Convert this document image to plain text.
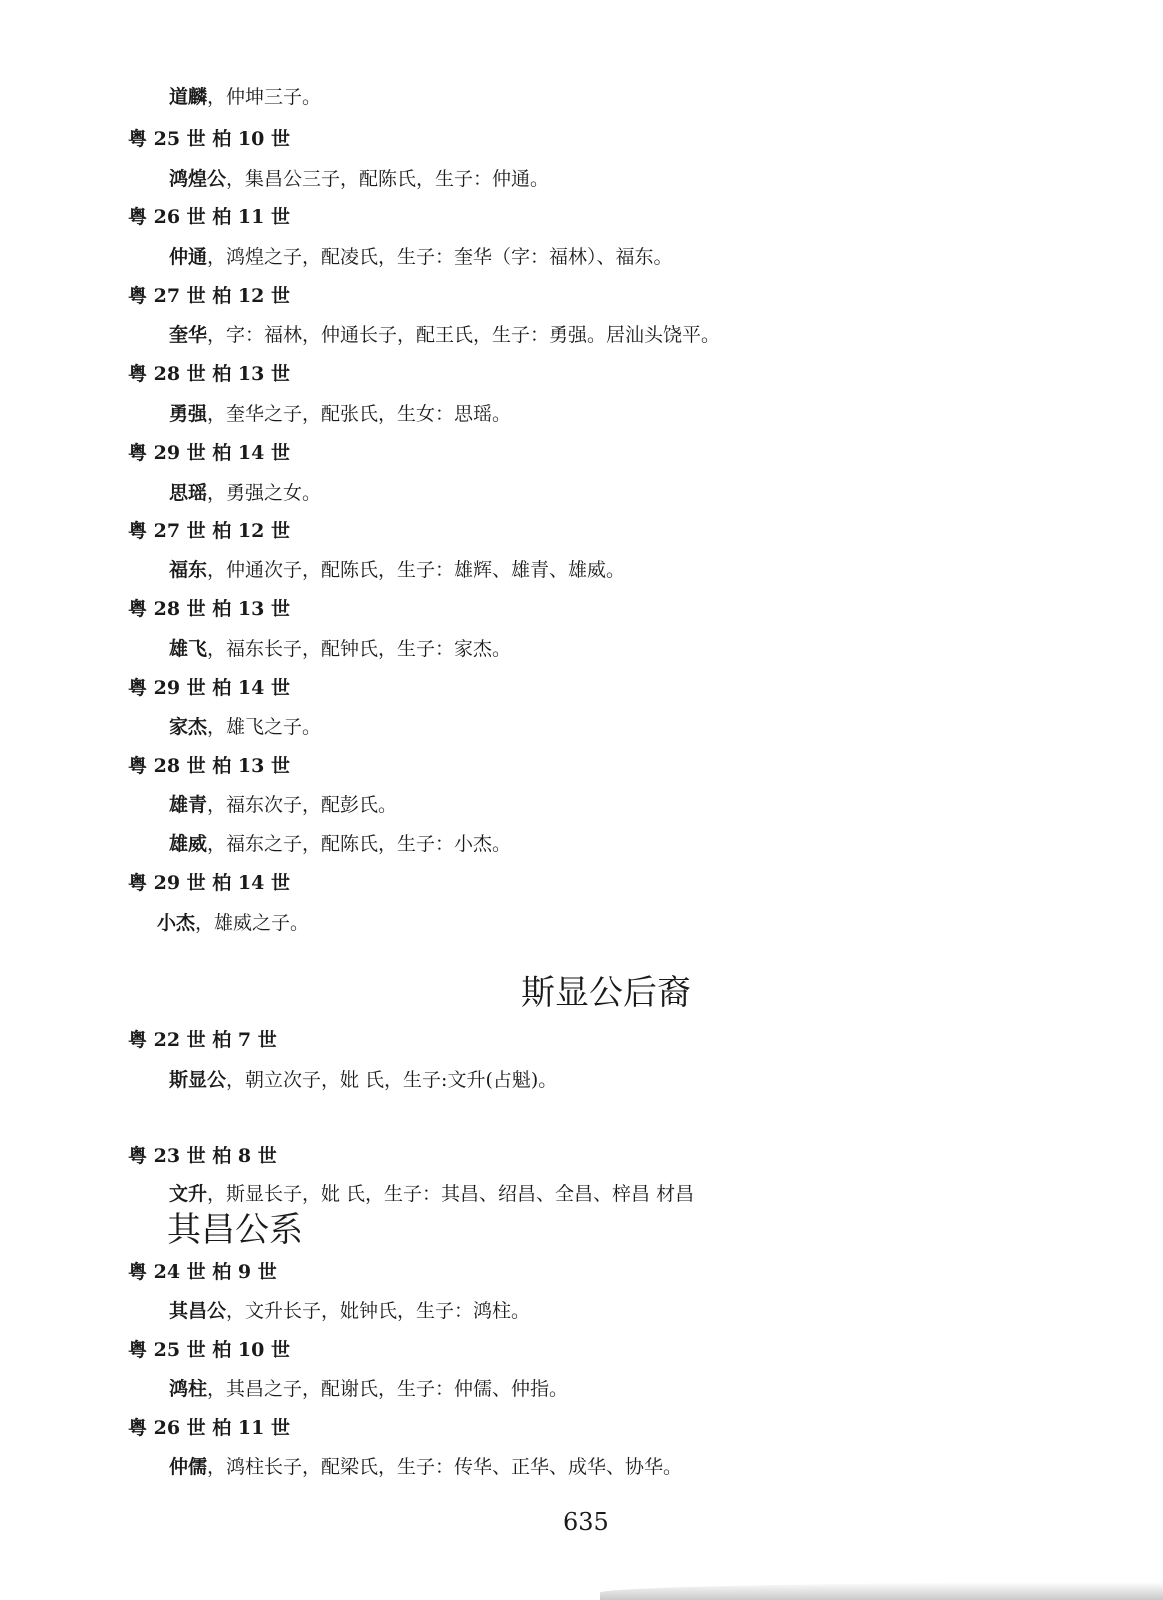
道麟，仲坤三子。
粤 25 世 柏 10 世
鸿煌公，集昌公三子，配陈氏，生子：仲通。
粤 26 世 柏 11 世
仲通，鸿煌之子，配凌氏，生子：奎华（字：福林）、福东。
粤 27 世 柏 12 世
奎华，字：福林，仲通长子，配王氏，生子：勇强。居汕头饶平。
粤 28 世 柏 13 世
勇强，奎华之子，配张氏，生女：思瑶。
粤 29 世 柏 14 世
思瑶，勇强之女。
粤 27 世 柏 12 世
福东，仲通次子，配陈氏，生子：雄辉、雄青、雄威。
粤 28 世 柏 13 世
雄飞，福东长子，配钟氏，生子：家杰。
粤 29 世 柏 14 世
家杰，雄飞之子。
粤 28 世 柏 13 世
雄青，福东次子，配彭氏。
雄威，福东之子，配陈氏，生子：小杰。
粤 29 世 柏 14 世
小杰，雄威之子。
斯显公后裔
粤 22 世 柏 7 世
斯显公，朝立次子，妣 氏，生子:文升(占魁)。
粤 23 世 柏 8 世
文升，斯显长子，妣 氏，生子：其昌、绍昌、全昌、梓昌 材昌
其昌公系
粤 24 世 柏 9 世
其昌公，文升长子，妣钟氏，生子：鸿柱。
粤 25 世 柏 10 世
鸿柱，其昌之子，配谢氏，生子：仲儒、仲指。
粤 26 世 柏 11 世
仲儒，鸿柱长子，配梁氏，生子：传华、正华、成华、协华。
635
